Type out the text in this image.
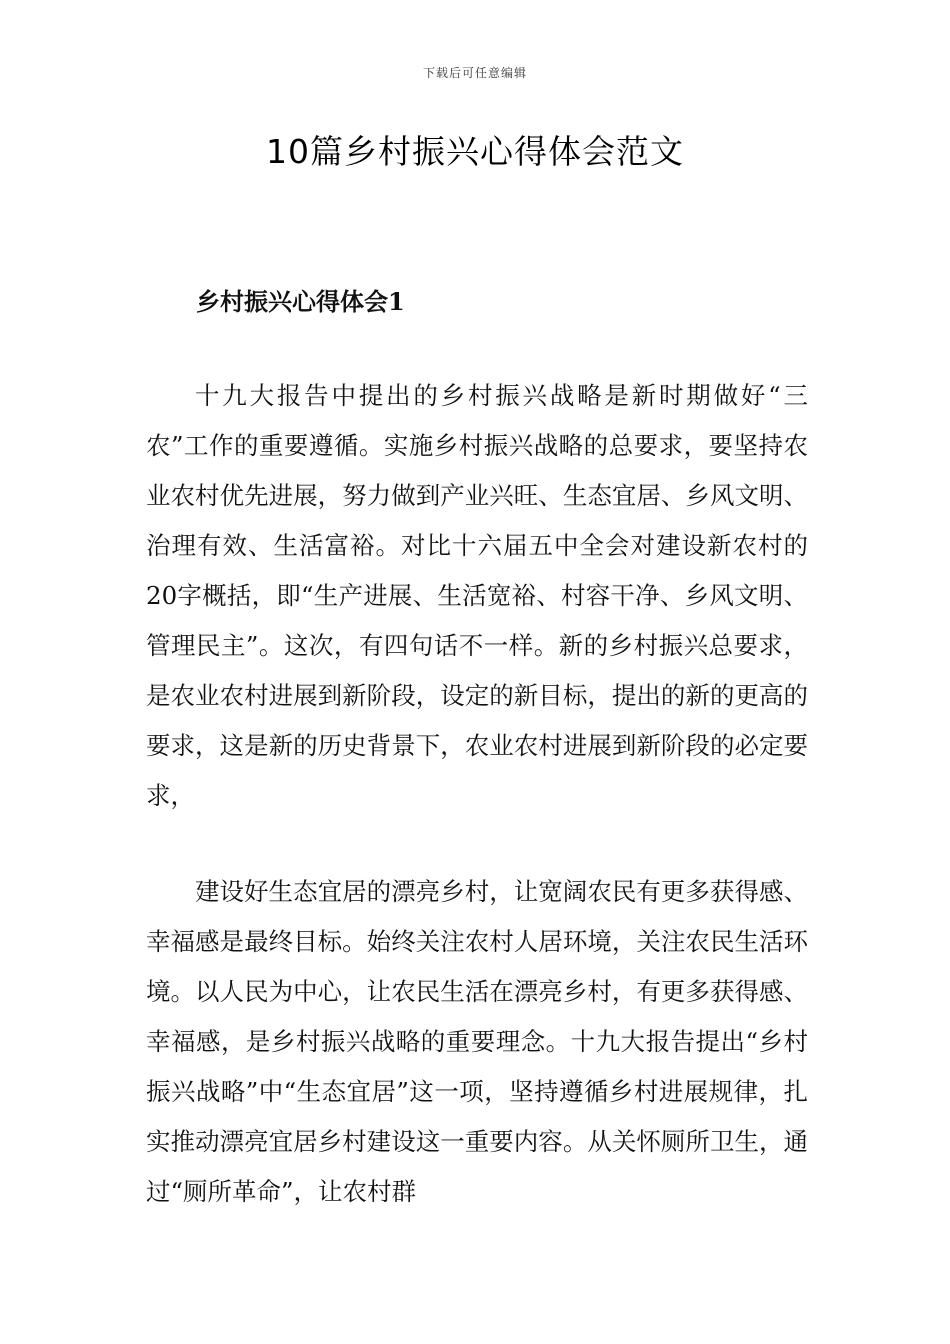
下载后可任意编辑
10篇乡村振兴心得体会范文
乡村振兴心得体会1

十九大报告中提出的乡村振兴战略是新时期做好“三农”工作的重要遵循。实施乡村振兴战略的总要求，要坚持农业农村优先进展，努力做到产业兴旺、生态宜居、乡风文明、治理有效、生活富裕。对比十六届五中全会对建设新农村的20字概括，即“生产进展、生活宽裕、村容干净、乡风文明、管理民主”。这次，有四句话不一样。新的乡村振兴总要求，是农业农村进展到新阶段，设定的新目标，提出的新的更高的要求，这是新的历史背景下，农业农村进展到新阶段的必定要求，

建设好生态宜居的漂亮乡村，让宽阔农民有更多获得感、幸福感是最终目标。始终关注农村人居环境，关注农民生活环境。以人民为中心，让农民生活在漂亮乡村，有更多获得感、幸福感，是乡村振兴战略的重要理念。十九大报告提出“乡村振兴战略”中“生态宜居”这一项，坚持遵循乡村进展规律，扎实推动漂亮宜居乡村建设这一重要内容。从关怀厕所卫生，通过“厕所革命”，让农村群
